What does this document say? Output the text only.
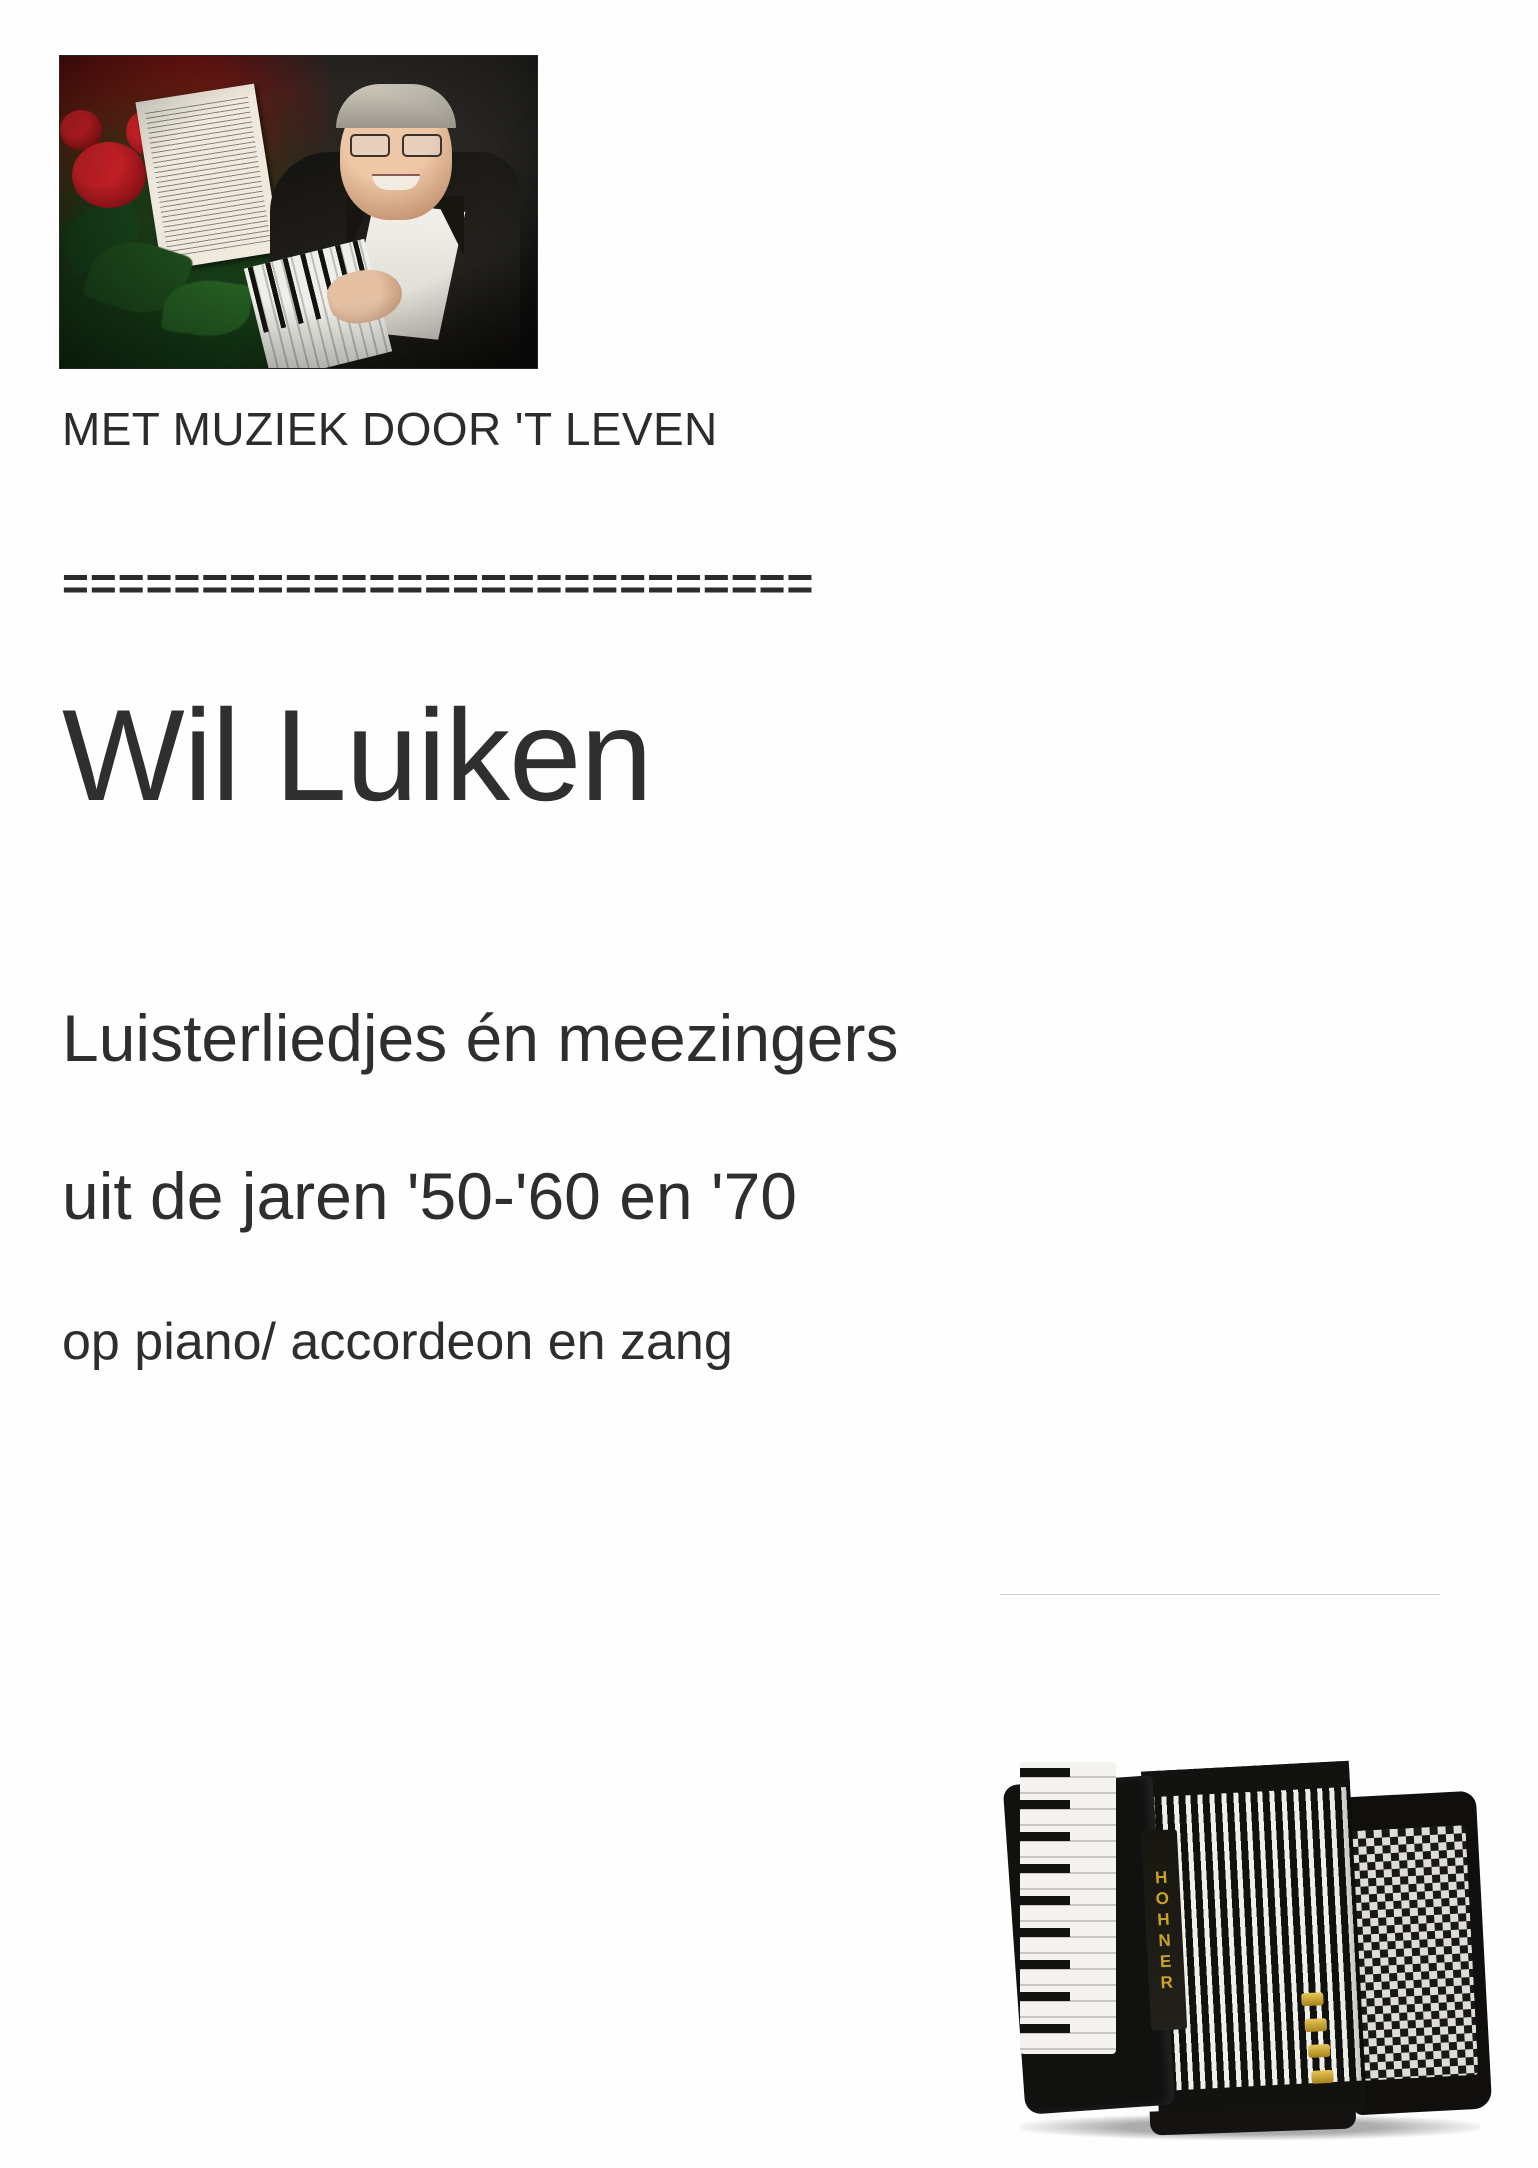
MET MUZIEK DOOR 'T LEVEN
===========================
Wil Luiken
Luisterliedjes én meezingers
uit de jaren '50-'60 en '70
op piano/ accordeon en zang
H
O
H
N
E
R
